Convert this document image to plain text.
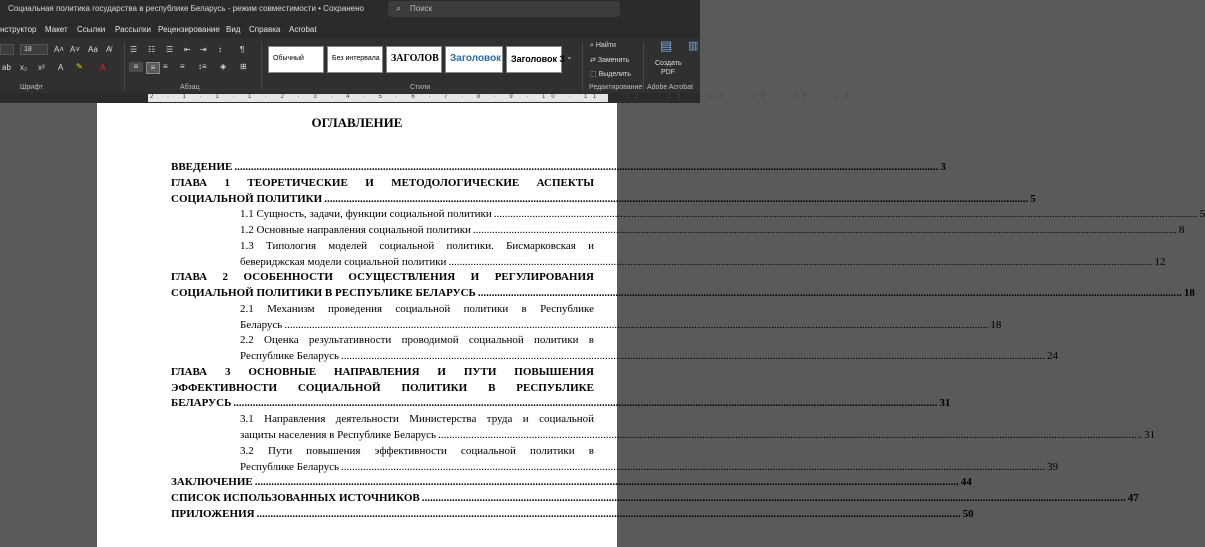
Социальная политика государства в республике Беларусь - режим совместимости • Сохранено	⌕ Поиск
нструктор Макет Ссылки Рассылки Рецензирование Вид Справка Acrobat
18	A˄ A˅ Aa A̸
ab x₂ x² A ✎ A
Шрифт
☰ ☷ ☰ ⇤ ⇥ ↕ ¶
≡	≡ ≡ ≡ ↕≡ ◈ ⊞
Абзац
Обычный	Без интервала ЗАГОЛОВ Заголовок Заголовок 3 ⌄
Стили
⌕ Найти
⇄ Заменить
⬚ Выделить
Редактирование
▤
Создать
PDF
Adobe Acrobat
▥
2 · 1 · 1 · 1 · 2 · 3 · 4 · 5 · 6 · 7 · 8 · 9 · 10 · 11 · 12 · 13 · 14 · 15 · 16 · 17
ОГЛАВЛЕНИЕ
ВВЕДЕНИЕ .....	3
ГЛАВА 1 ТЕОРЕТИЧЕСКИЕ И МЕТОДОЛОГИЧЕСКИЕ АСПЕКТЫ
СОЦИАЛЬНОЙ ПОЛИТИКИ .....	5
1.1 Сущность, задачи, функции социальной политики .....	5
1.2 Основные направления социальной политики .....	8
1.3 Типология моделей социальной политики. Бисмарковская и
бевериджская модели социальной политики .....	12
ГЛАВА 2 ОСОБЕННОСТИ ОСУЩЕСТВЛЕНИЯ И РЕГУЛИРОВАНИЯ
СОЦИАЛЬНОЙ ПОЛИТИКИ В РЕСПУБЛИКЕ БЕЛАРУСЬ .....	18
2.1 Механизм проведения социальной политики в Республике
Беларусь .....	18
2.2 Оценка результативности проводимой социальной политики в
Республике Беларусь .....	24
ГЛАВА 3 ОСНОВНЫЕ НАПРАВЛЕНИЯ И ПУТИ ПОВЫШЕНИЯ
ЭФФЕКТИВНОСТИ СОЦИАЛЬНОЙ ПОЛИТИКИ В РЕСПУБЛИКЕ
БЕЛАРУСЬ .....	31
3.1 Направления деятельности Министерства труда и социальной
защиты населения в Республике Беларусь .....	31
3.2 Пути повышения эффективности социальной политики в
Республике Беларусь .....	39
ЗАКЛЮЧЕНИЕ .....	44
СПИСОК ИСПОЛЬЗОВАННЫХ ИСТОЧНИКОВ .....	47
ПРИЛОЖЕНИЯ .....	50
